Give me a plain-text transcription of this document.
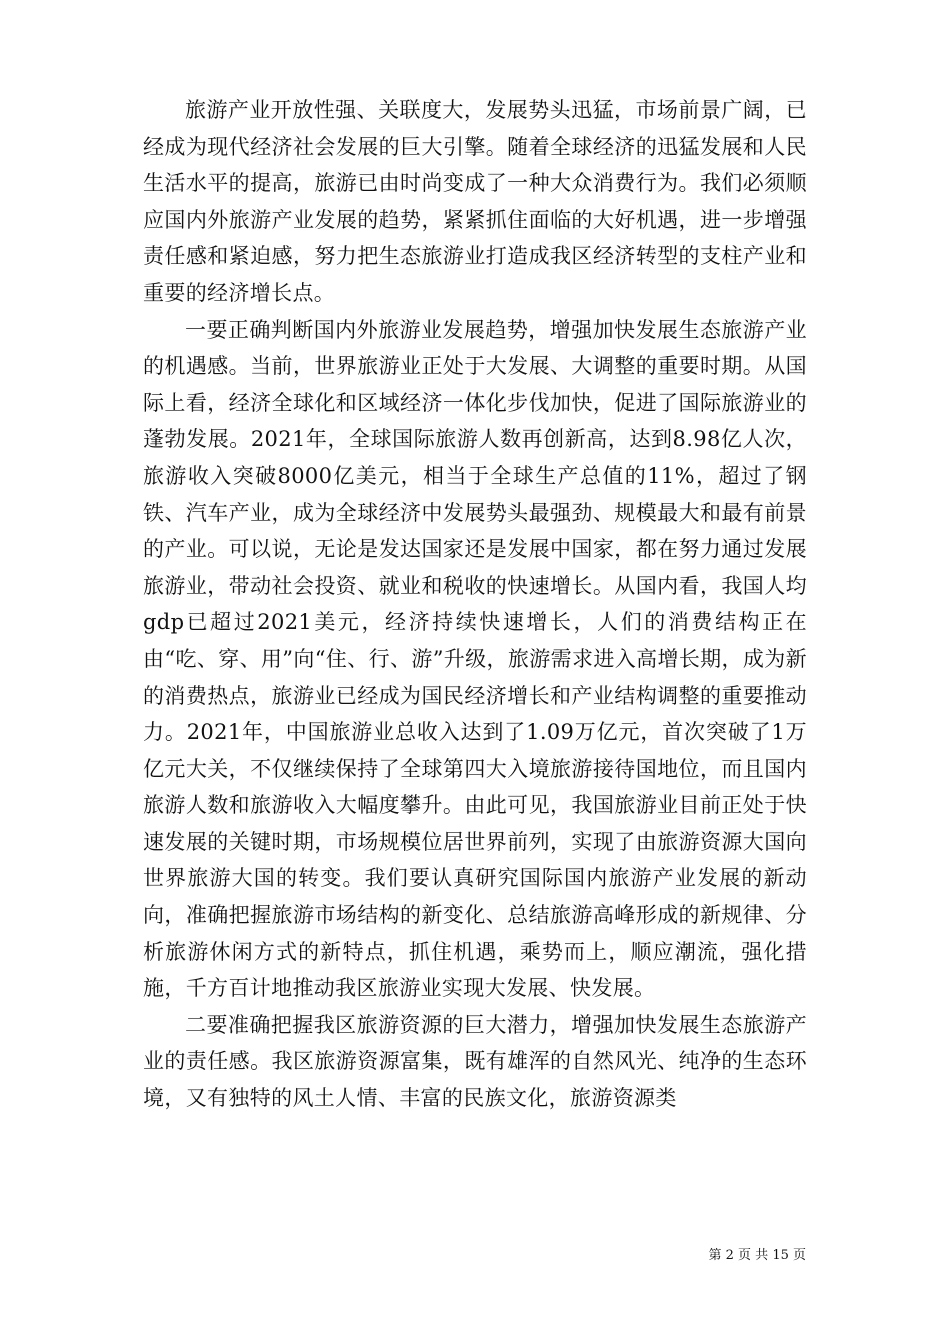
旅游产业开放性强、关联度大，发展势头迅猛，市场前景广阔，已经成为现代经济社会发展的巨大引擎。随着全球经济的迅猛发展和人民生活水平的提高，旅游已由时尚变成了一种大众消费行为。我们必须顺应国内外旅游产业发展的趋势，紧紧抓住面临的大好机遇，进一步增强责任感和紧迫感，努力把生态旅游业打造成我区经济转型的支柱产业和重要的经济增长点。

一要正确判断国内外旅游业发展趋势，增强加快发展生态旅游产业的机遇感。当前，世界旅游业正处于大发展、大调整的重要时期。从国际上看，经济全球化和区域经济一体化步伐加快，促进了国际旅游业的蓬勃发展。2021年，全球国际旅游人数再创新高，达到8.98亿人次，旅游收入突破8000亿美元，相当于全球生产总值的11%，超过了钢铁、汽车产业，成为全球经济中发展势头最强劲、规模最大和最有前景的产业。可以说，无论是发达国家还是发展中国家，都在努力通过发展旅游业，带动社会投资、就业和税收的快速增长。从国内看，我国人均gdp已超过2021美元，经济持续快速增长，人们的消费结构正在由“吃、穿、用”向“住、行、游”升级，旅游需求进入高增长期，成为新的消费热点，旅游业已经成为国民经济增长和产业结构调整的重要推动力。2021年，中国旅游业总收入达到了1.09万亿元，首次突破了1万亿元大关，不仅继续保持了全球第四大入境旅游接待国地位，而且国内旅游人数和旅游收入大幅度攀升。由此可见，我国旅游业目前正处于快速发展的关键时期，市场规模位居世界前列，实现了由旅游资源大国向世界旅游大国的转变。我们要认真研究国际国内旅游产业发展的新动向，准确把握旅游市场结构的新变化、总结旅游高峰形成的新规律、分析旅游休闲方式的新特点，抓住机遇，乘势而上，顺应潮流，强化措施，千方百计地推动我区旅游业实现大发展、快发展。

二要准确把握我区旅游资源的巨大潜力，增强加快发展生态旅游产业的责任感。我区旅游资源富集，既有雄浑的自然风光、纯净的生态环境，又有独特的风土人情、丰富的民族文化，旅游资源类

第 2 页 共 15 页
